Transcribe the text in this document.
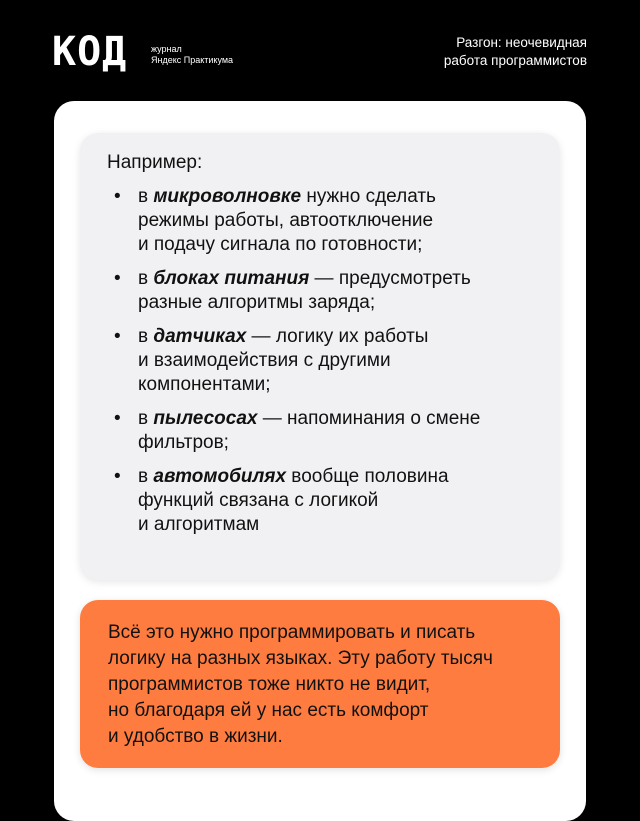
КОД	журнал
Яндекс Практикума
Разгон: неочевидная
работа программистов
Например:
• в микроволновке нужно сделать
режимы работы, автоотключение
и подачу сигнала по готовности;
• в блоках питания — предусмотреть
разные алгоритмы заряда;
• в датчиках — логику их работы
и взаимодействия с другими
компонентами;
• в пылесосах — напоминания о смене
фильтров;
• в автомобилях вообще половина
функций связана с логикой
и алгоритмам
Всё это нужно программировать и писать
логику на разных языках. Эту работу тысяч
программистов тоже никто не видит,
но благодаря ей у нас есть комфорт
и удобство в жизни.
